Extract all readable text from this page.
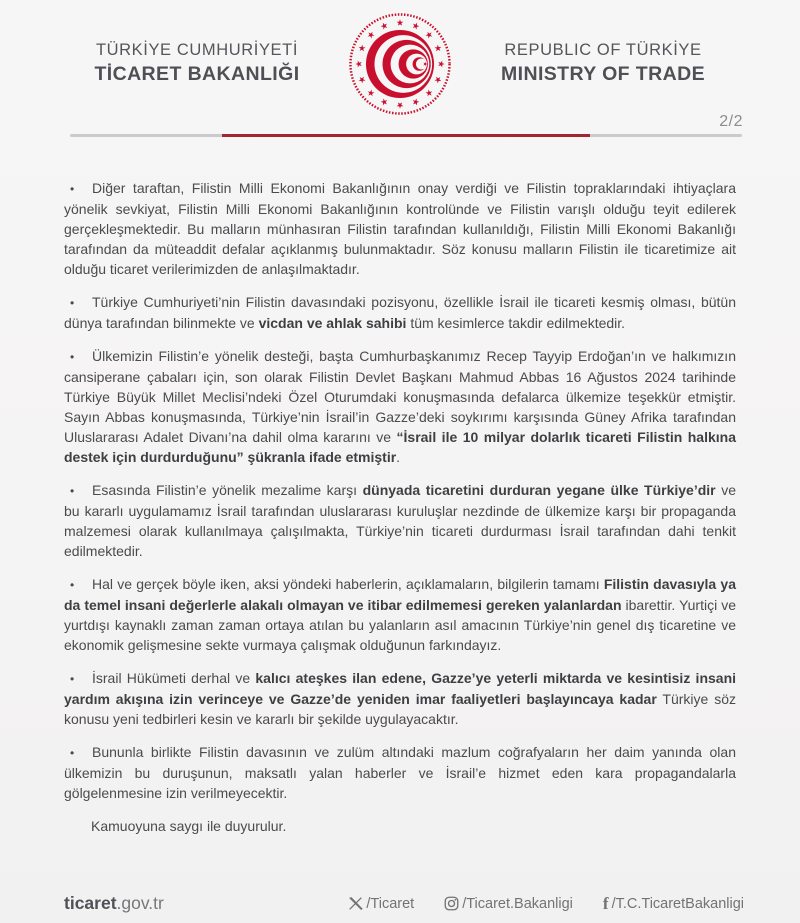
TÜRKİYE CUMHURİYETİ
TİCARET BAKANLIĞI
REPUBLIC OF TÜRKİYE
MINISTRY OF TRADE
2/2

• Diğer taraftan, Filistin Milli Ekonomi Bakanlığının onay verdiği ve Filistin topraklarındaki ihtiyaçlara yönelik sevkiyat, Filistin Milli Ekonomi Bakanlığının kontrolünde ve Filistin varışlı olduğu teyit edilerek gerçekleşmektedir. Bu malların münhasıran Filistin tarafından kullanıldığı, Filistin Milli Ekonomi Bakanlığı tarafından da müteaddit defalar açıklanmış bulunmaktadır. Söz konusu malların Filistin ile ticaretimize ait olduğu ticaret verilerimizden de anlaşılmaktadır.

• Türkiye Cumhuriyeti’nin Filistin davasındaki pozisyonu, özellikle İsrail ile ticareti kesmiş olması, bütün dünya tarafından bilinmekte ve vicdan ve ahlak sahibi tüm kesimlerce takdir edilmektedir.

• Ülkemizin Filistin’e yönelik desteği, başta Cumhurbaşkanımız Recep Tayyip Erdoğan’ın ve halkımızın cansiperane çabaları için, son olarak Filistin Devlet Başkanı Mahmud Abbas 16 Ağustos 2024 tarihinde Türkiye Büyük Millet Meclisi’ndeki Özel Oturumdaki konuşmasında defalarca ülkemize teşekkür etmiştir. Sayın Abbas konuşmasında, Türkiye’nin İsrail’in Gazze’deki soykırımı karşısında Güney Afrika tarafından Uluslararası Adalet Divanı’na dahil olma kararını ve “İsrail ile 10 milyar dolarlık ticareti Filistin halkına destek için durdurduğunu” şükranla ifade etmiştir.

• Esasında Filistin’e yönelik mezalime karşı dünyada ticaretini durduran yegane ülke Türkiye’dir ve bu kararlı uygulamamız İsrail tarafından uluslararası kuruluşlar nezdinde de ülkemize karşı bir propaganda malzemesi olarak kullanılmaya çalışılmakta, Türkiye’nin ticareti durdurması İsrail tarafından dahi tenkit edilmektedir.

• Hal ve gerçek böyle iken, aksi yöndeki haberlerin, açıklamaların, bilgilerin tamamı Filistin davasıyla ya da temel insani değerlerle alakalı olmayan ve itibar edilmemesi gereken yalanlardan ibarettir. Yurtiçi ve yurtdışı kaynaklı zaman zaman ortaya atılan bu yalanların asıl amacının Türkiye’nin genel dış ticaretine ve ekonomik gelişmesine sekte vurmaya çalışmak olduğunun farkındayız.

• İsrail Hükümeti derhal ve kalıcı ateşkes ilan edene, Gazze’ye yeterli miktarda ve kesintisiz insani yardım akışına izin verinceye ve Gazze’de yeniden imar faaliyetleri başlayıncaya kadar Türkiye söz konusu yeni tedbirleri kesin ve kararlı bir şekilde uygulayacaktır.

• Bununla birlikte Filistin davasının ve zulüm altındaki mazlum coğrafyaların her daim yanında olan ülkemizin bu duruşunun, maksatlı yalan haberler ve İsrail’e hizmet eden kara propagandalarla gölgelenmesine izin verilmeyecektir.

Kamuoyuna saygı ile duyurulur.

ticaret.gov.tr	/Ticaret	/Ticaret.Bakanligi f /T.C.TicaretBakanligi
